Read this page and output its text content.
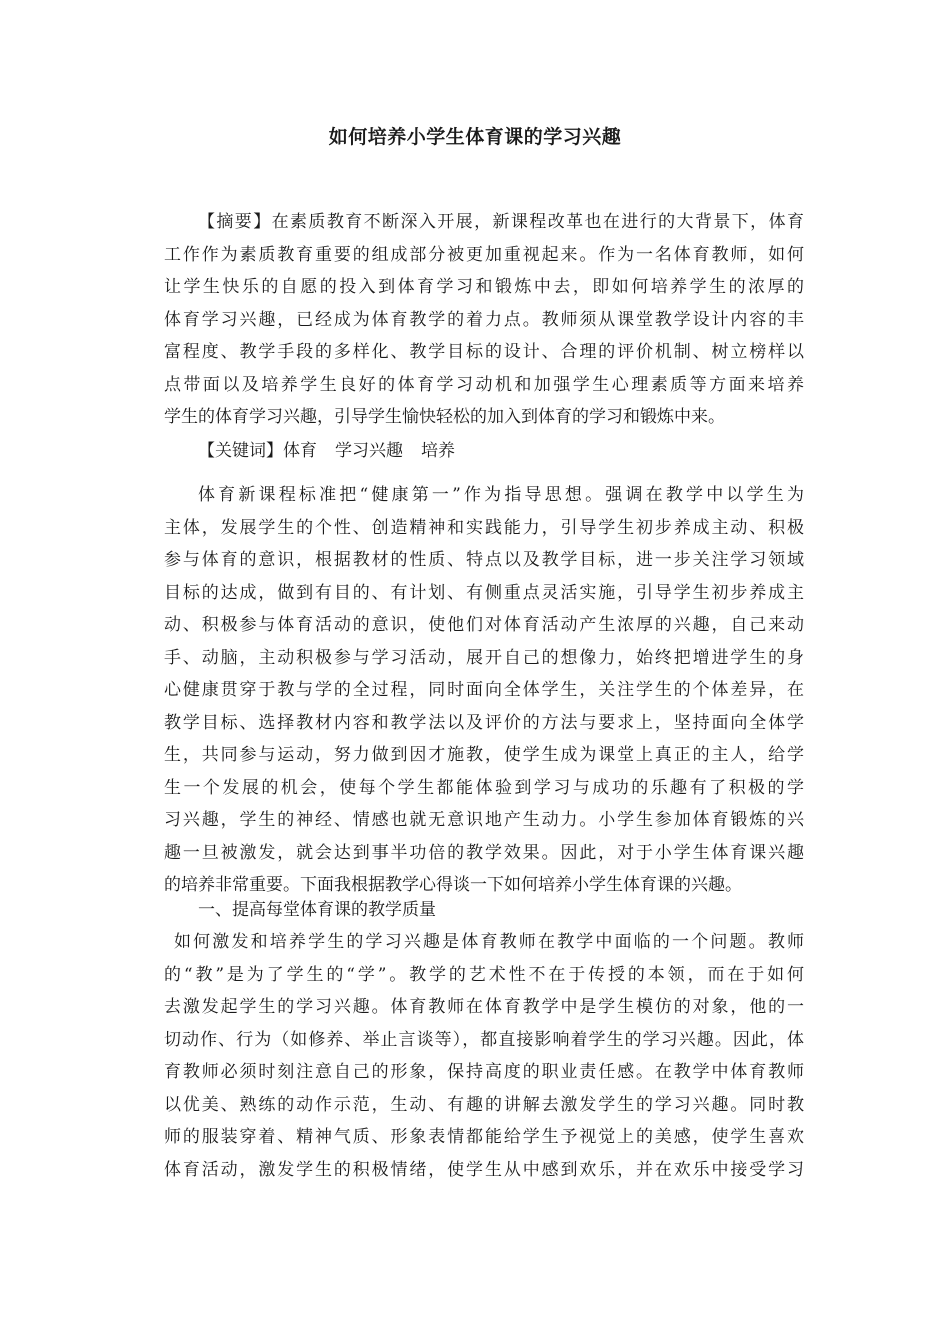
如何培养小学生体育课的学习兴趣
【摘要】在素质教育不断深入开展，新课程改革也在进行的大背景下，体育
工作作为素质教育重要的组成部分被更加重视起来。作为一名体育教师，如何
让学生快乐的自愿的投入到体育学习和锻炼中去，即如何培养学生的浓厚的
体育学习兴趣，已经成为体育教学的着力点。教师须从课堂教学设计内容的丰
富程度、教学手段的多样化、教学目标的设计、合理的评价机制、树立榜样以
点带面以及培养学生良好的体育学习动机和加强学生心理素质等方面来培养
学生的体育学习兴趣，引导学生愉快轻松的加入到体育的学习和锻炼中来。
【关键词】体育 学习兴趣 培养
体育新课程标准把“健康第一”作为指导思想。强调在教学中以学生为
主体，发展学生的个性、创造精神和实践能力，引导学生初步养成主动、积极
参与体育的意识，根据教材的性质、特点以及教学目标，进一步关注学习领域
目标的达成，做到有目的、有计划、有侧重点灵活实施，引导学生初步养成主
动、积极参与体育活动的意识，使他们对体育活动产生浓厚的兴趣，自己来动
手、动脑，主动积极参与学习活动，展开自己的想像力，始终把增进学生的身
心健康贯穿于教与学的全过程，同时面向全体学生，关注学生的个体差异，在
教学目标、选择教材内容和教学法以及评价的方法与要求上，坚持面向全体学
生，共同参与运动，努力做到因才施教，使学生成为课堂上真正的主人，给学
生一个发展的机会，使每个学生都能体验到学习与成功的乐趣有了积极的学
习兴趣，学生的神经、情感也就无意识地产生动力。小学生参加体育锻炼的兴
趣一旦被激发，就会达到事半功倍的教学效果。因此，对于小学生体育课兴趣
的培养非常重要。下面我根据教学心得谈一下如何培养小学生体育课的兴趣。
一、提高每堂体育课的教学质量
如何激发和培养学生的学习兴趣是体育教师在教学中面临的一个问题。教师
的“教”是为了学生的“学”。教学的艺术性不在于传授的本领，而在于如何
去激发起学生的学习兴趣。体育教师在体育教学中是学生模仿的对象，他的一
切动作、行为（如修养、举止言谈等），都直接影响着学生的学习兴趣。因此，体
育教师必须时刻注意自己的形象，保持高度的职业责任感。在教学中体育教师
以优美、熟练的动作示范，生动、有趣的讲解去激发学生的学习兴趣。同时教
师的服装穿着、精神气质、形象表情都能给学生予视觉上的美感，使学生喜欢
体育活动，激发学生的积极情绪，使学生从中感到欢乐，并在欢乐中接受学习
